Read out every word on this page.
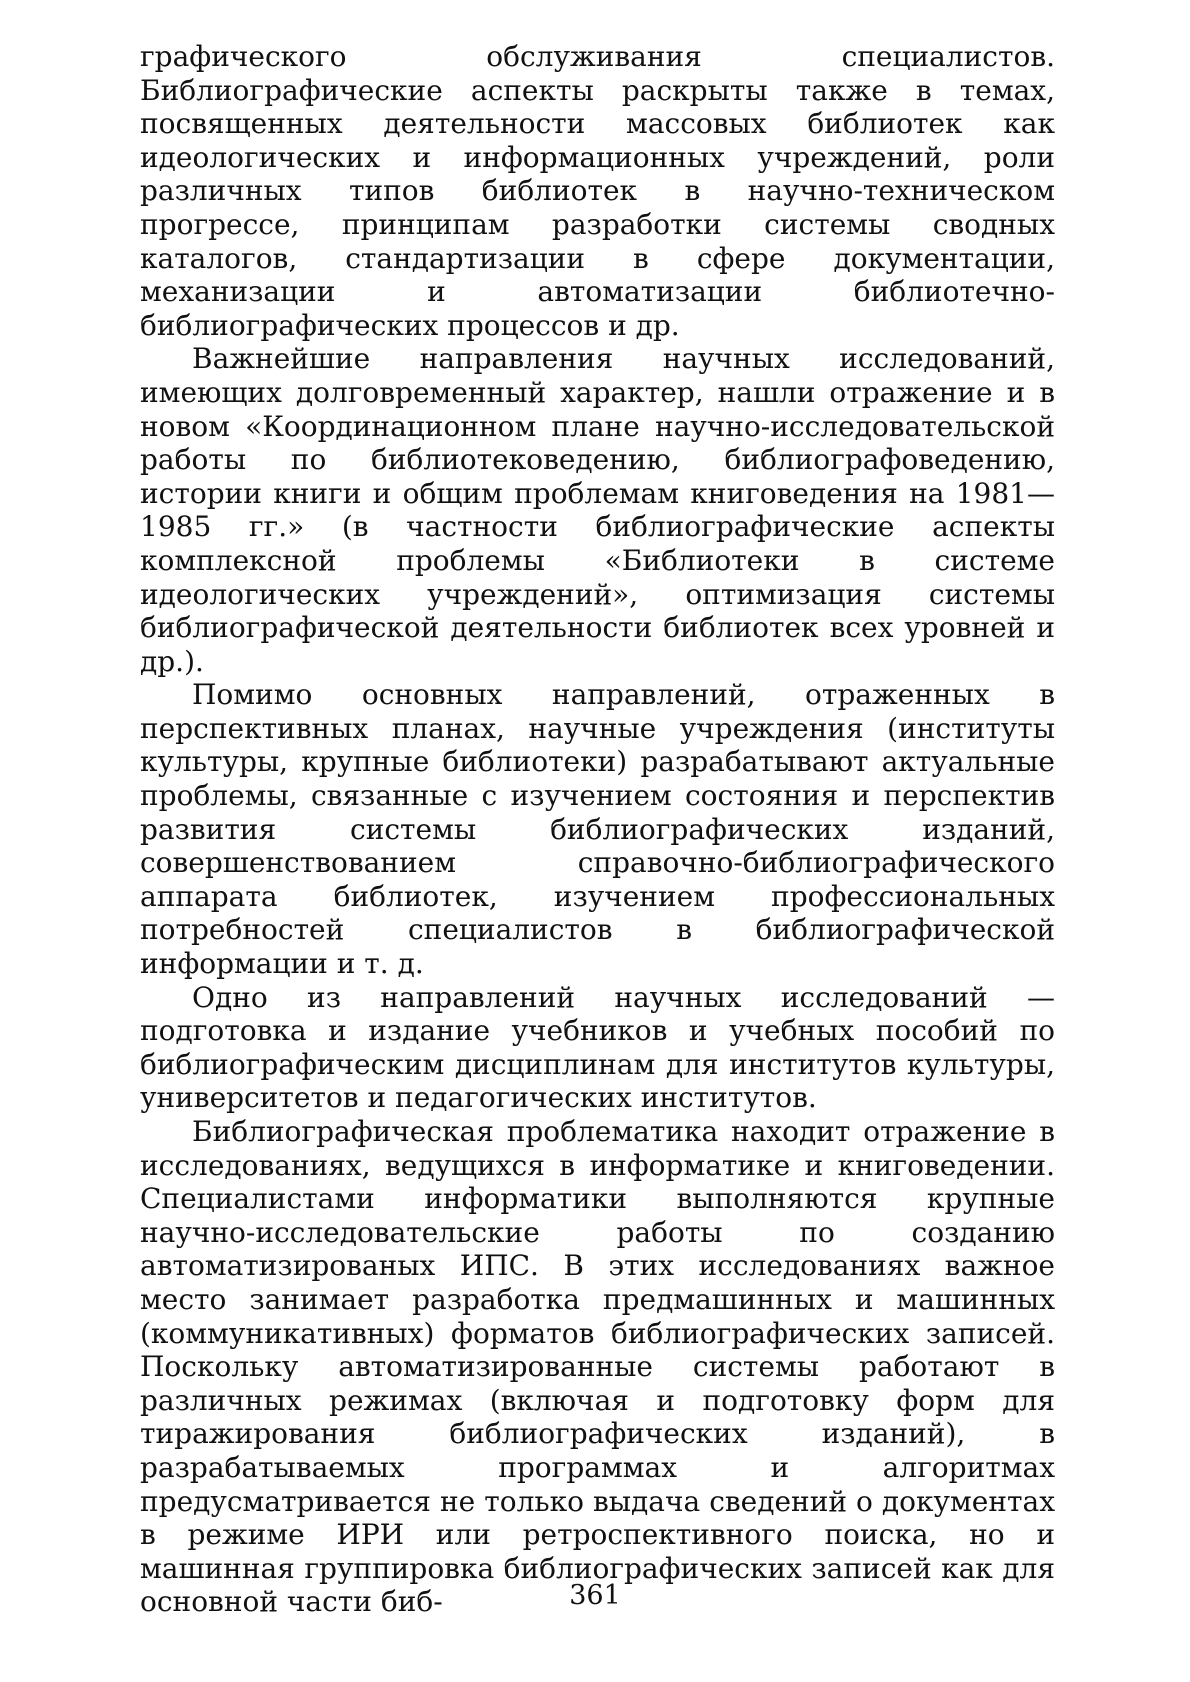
графического обслуживания специалистов. Библиографические аспекты раскрыты также в темах, посвященных деятельности массовых библиотек как идеологических и информационных учреждений, роли различных типов библиотек в научно-техническом прогрессе, принципам разработки системы сводных каталогов, стандартизации в сфере документации, механизации и автоматизации библиотечно-библиографических процессов и др.

Важнейшие направления научных исследований, имеющих долговременный характер, нашли отражение и в новом «Координационном плане научно-исследовательской работы по библиотековедению, библиографоведению, истории книги и общим проблемам книговедения на 1981—1985 гг.» (в частности библиографические аспекты комплексной проблемы «Библиотеки в системе идеологических учреждений», оптимизация системы библиографической деятельности библиотек всех уровней и др.).

Помимо основных направлений, отраженных в перспективных планах, научные учреждения (институты культуры, крупные библиотеки) разрабатывают актуальные проблемы, связанные с изучением состояния и перспектив развития системы библиографических изданий, совершенствованием справочно-библиографического аппарата библиотек, изучением профессиональных потребностей специалистов в библиографической информации и т. д.

Одно из направлений научных исследований — подготовка и издание учебников и учебных пособий по библиографическим дисциплинам для институтов культуры, университетов и педагогических институтов.

Библиографическая проблематика находит отражение в исследованиях, ведущихся в информатике и книговедении. Специалистами информатики выполняются крупные научно-исследовательские работы по созданию автоматизированых ИПС. В этих исследованиях важное место занимает разработка предмашинных и машинных (коммуникативных) форматов библиографических записей. Поскольку автоматизированные системы работают в различных режимах (включая и подготовку форм для тиражирования библиографических изданий), в разрабатываемых программах и алгоритмах предусматривается не только выдача сведений о документах в режиме ИРИ или ретроспективного поиска, но и машинная группировка библиографических записей как для основной части биб-	361
